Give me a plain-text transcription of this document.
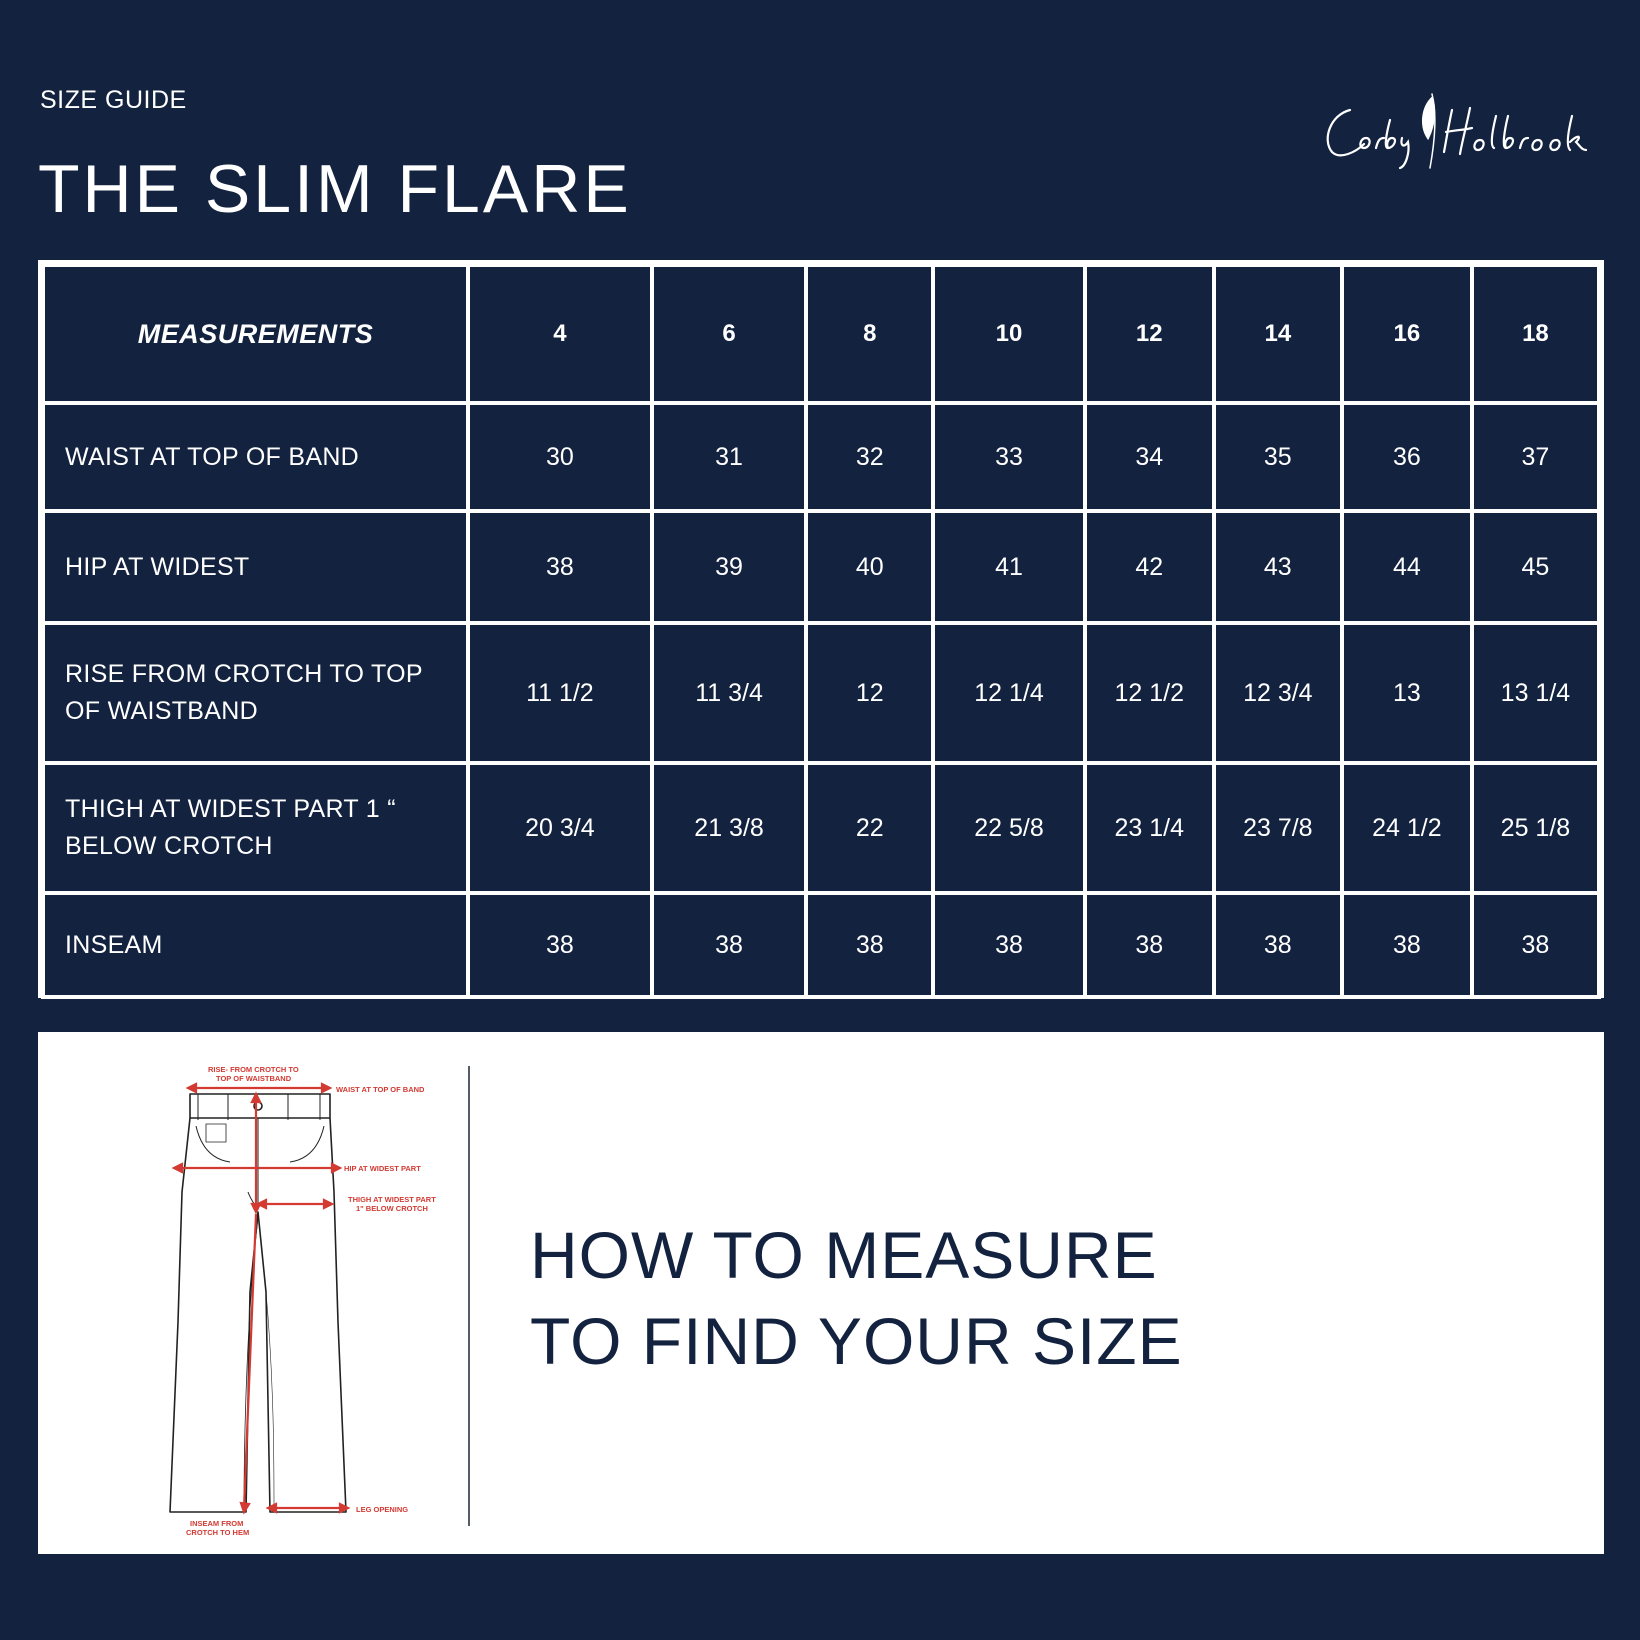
SIZE GUIDE
THE SLIM FLARE
MEASUREMENTS	4	6	8	10	12	14	16	18
WAIST AT TOP OF BAND	30	31	32	33	34	35	36	37
HIP AT WIDEST	38	39	40	41	42	43	44	45
RISE FROM CROTCH TO TOP OF WAISTBAND	11 1/2	11 3/4	12	12 1/4	12 1/2	12 3/4	13	13 1/4
THIGH AT WIDEST PART 1 “ BELOW CROTCH	20 3/4	21 3/8	22	22 5/8	23 1/4	23 7/8	24 1/2	25 1/8
INSEAM	38	38	38	38	38	38	38	38
RISE- FROM CROTCH TO
TOP OF WAISTBAND
WAIST AT TOP OF BAND
HIP AT WIDEST PART
THIGH AT WIDEST PART
1" BELOW CROTCH
INSEAM FROM
CROTCH TO HEM
LEG OPENING
HOW TO MEASURE
TO FIND YOUR SIZE
